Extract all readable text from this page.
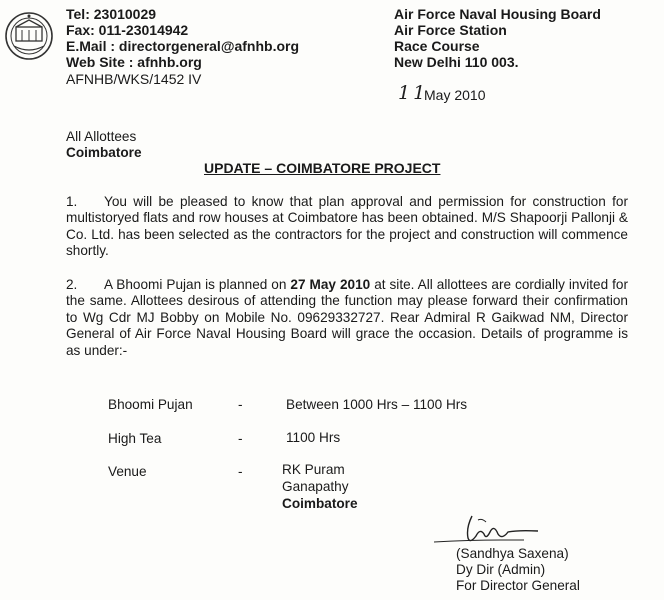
Tel: 23010029
Fax: 011-23014942
E.Mail : directorgeneral@afnhb.org
Web Site : afnhb.org
AFNHB/WKS/1452 IV
Air Force Naval Housing Board
Air Force Station
Race Course
New Delhi 110 003.
11
May 2010
All Allottees
Coimbatore
UPDATE – COIMBATORE PROJECT
1. You will be pleased to know that plan approval and permission for construction for multistoryed flats and row houses at Coimbatore has been obtained. M/S Shapoorji Pallonji & Co. Ltd. has been selected as the contractors for the project and construction will commence shortly.
2. A Bhoomi Pujan is planned on 27 May 2010 at site. All allottees are cordially invited for the same. Allottees desirous of attending the function may please forward their confirmation to Wg Cdr MJ Bobby on Mobile No. 09629332727. Rear Admiral R Gaikwad NM, Director General of Air Force Naval Housing Board will grace the occasion. Details of programme is as under:-
Bhoomi Pujan	-	Between 1000 Hrs – 1100 Hrs
High Tea	-	1100 Hrs
Venue	-	RK Puram
Ganapathy
Coimbatore
(Sandhya Saxena)
Dy Dir (Admin)
For Director General
